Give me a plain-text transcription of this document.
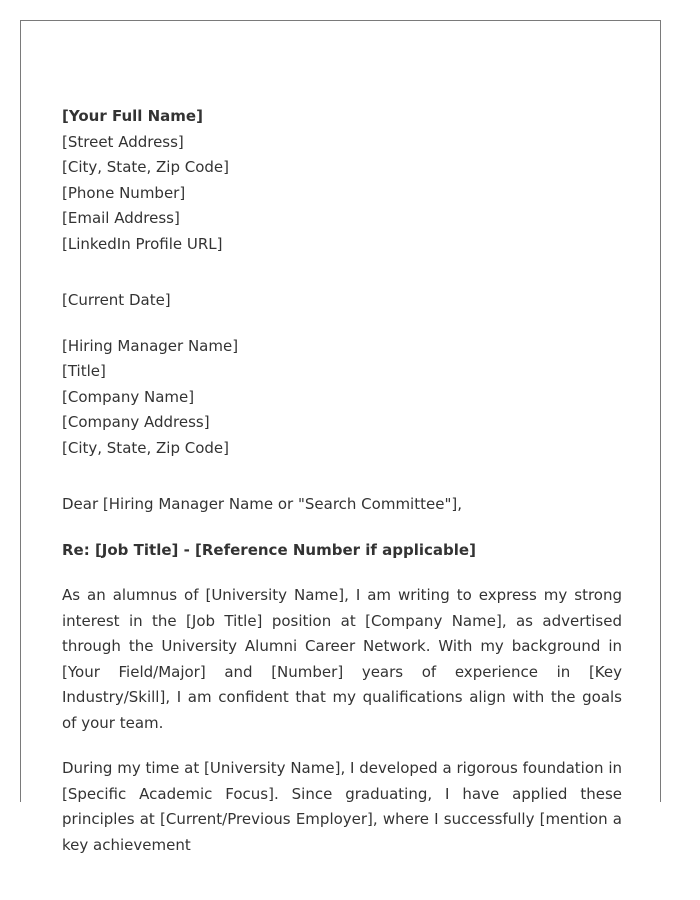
[Your Full Name]
[Street Address]
[City, State, Zip Code]
[Phone Number]
[Email Address]
[LinkedIn Profile URL]
[Current Date]
[Hiring Manager Name]
[Title]
[Company Name]
[Company Address]
[City, State, Zip Code]
Dear [Hiring Manager Name or "Search Committee"],
Re: [Job Title] - [Reference Number if applicable]

As an alumnus of [University Name], I am writing to express my strong interest in the [Job Title] position at [Company Name], as advertised through the University Alumni Career Network. With my background in [Your Field/Major] and [Number] years of experience in [Key Industry/Skill], I am confident that my qualifications align with the goals of your team.

During my time at [University Name], I developed a rigorous foundation in [Specific Academic Focus]. Since graduating, I have applied these principles at [Current/Previous Employer], where I successfully [mention a key achievement
